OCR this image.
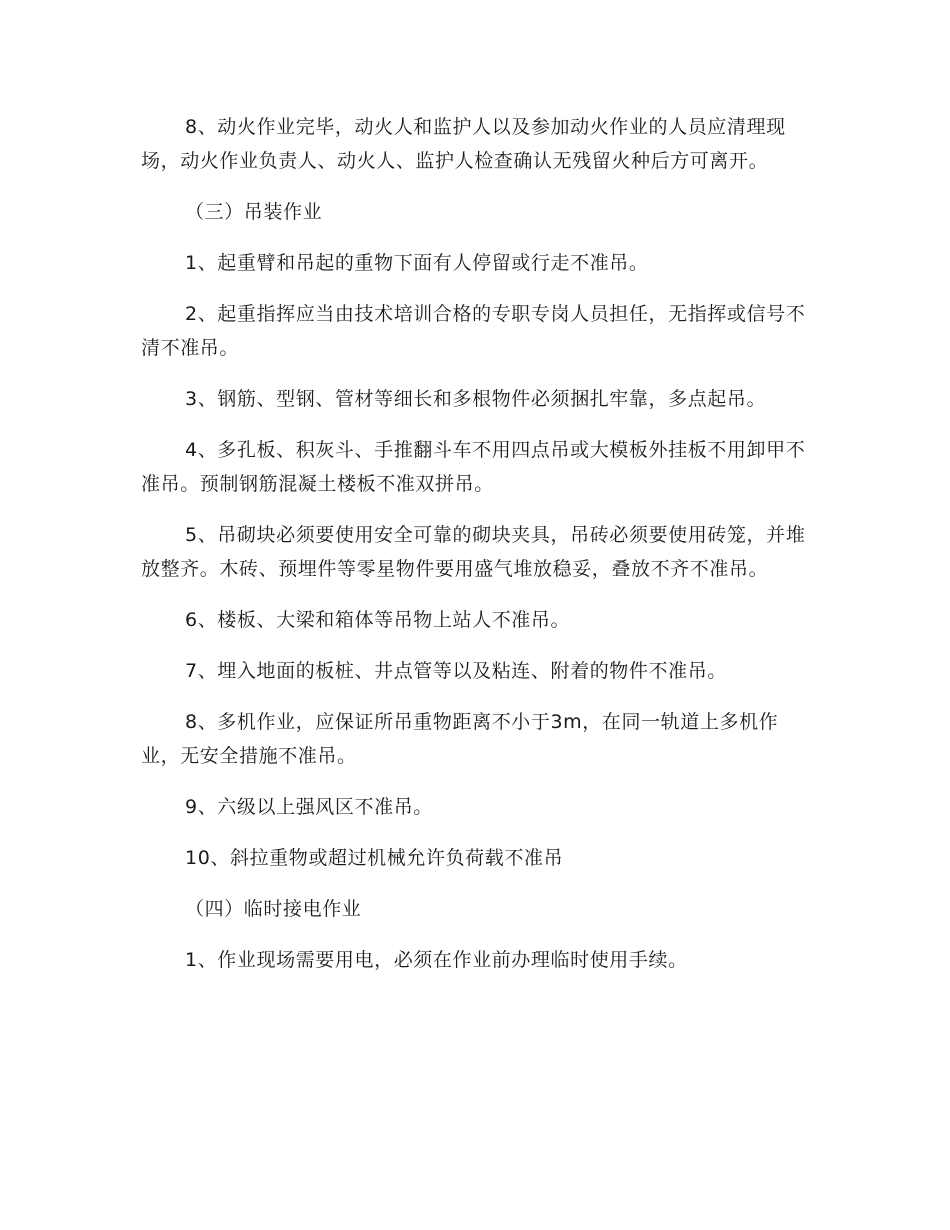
8、动火作业完毕，动火人和监护人以及参加动火作业的人员应清理现场，动火作业负责人、动火人、监护人检查确认无残留火种后方可离开。

（三）吊装作业

1、起重臂和吊起的重物下面有人停留或行走不准吊。

2、起重指挥应当由技术培训合格的专职专岗人员担任，无指挥或信号不清不准吊。

3、钢筋、型钢、管材等细长和多根物件必须捆扎牢靠，多点起吊。

4、多孔板、积灰斗、手推翻斗车不用四点吊或大模板外挂板不用卸甲不准吊。预制钢筋混凝土楼板不准双拼吊。

5、吊砌块必须要使用安全可靠的砌块夹具，吊砖必须要使用砖笼，并堆放整齐。木砖、预埋件等零星物件要用盛气堆放稳妥，叠放不齐不准吊。

6、楼板、大梁和箱体等吊物上站人不准吊。

7、埋入地面的板桩、井点管等以及粘连、附着的物件不准吊。

8、多机作业，应保证所吊重物距离不小于3m，在同一轨道上多机作业，无安全措施不准吊。

9、六级以上强风区不准吊。

10、斜拉重物或超过机械允许负荷载不准吊

（四）临时接电作业

1、作业现场需要用电，必须在作业前办理临时使用手续。
